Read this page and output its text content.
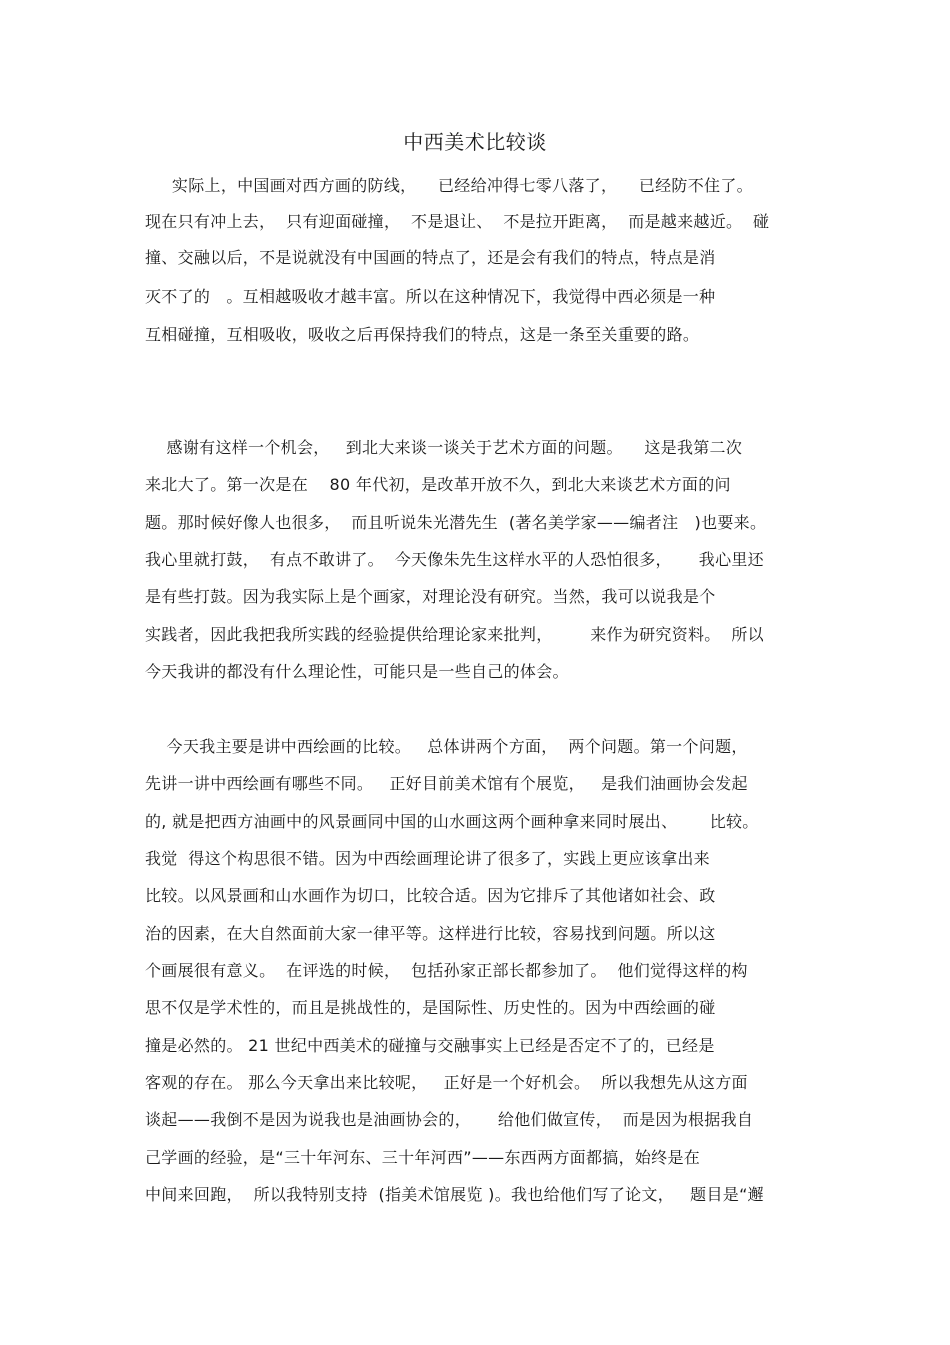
中西美术比较谈
实际上，中国画对西方画的防线，    已经给冲得七零八落了，    已经防不住了。
现在只有冲上去，  只有迎面碰撞，  不是退让、  不是拉开距离，  而是越来越近。  碰
撞、交融以后，不是说就没有中国画的特点了，还是会有我们的特点，特点是消
灭不了的   。互相越吸收才越丰富。所以在这种情况下，我觉得中西必须是一种
互相碰撞，互相吸收，吸收之后再保持我们的特点，这是一条至关重要的路。
感谢有这样一个机会，   到北大来谈一谈关于艺术方面的问题。    这是我第二次
来北大了。第一次是在    80 年代初，是改革开放不久，到北大来谈艺术方面的问
题。那时候好像人也很多，  而且听说朱光潜先生  (著名美学家——编者注   )也要来。
我心里就打鼓，  有点不敢讲了。  今天像朱先生这样水平的人恐怕很多，     我心里还
是有些打鼓。因为我实际上是个画家，对理论没有研究。当然，我可以说我是个
实践者，因此我把我所实践的经验提供给理论家来批判，       来作为研究资料。  所以
今天我讲的都没有什么理论性，可能只是一些自己的体会。
今天我主要是讲中西绘画的比较。   总体讲两个方面，  两个问题。第一个问题，
先讲一讲中西绘画有哪些不同。   正好目前美术馆有个展览，   是我们油画协会发起
的, 就是把西方油画中的风景画同中国的山水画这两个画种拿来同时展出、      比较。
我觉  得这个构思很不错。因为中西绘画理论讲了很多了，实践上更应该拿出来
比较。以风景画和山水画作为切口，比较合适。因为它排斥了其他诸如社会、政
治的因素，在大自然面前大家一律平等。这样进行比较，容易找到问题。所以这
个画展很有意义。  在评选的时候，  包括孙家正部长都参加了。  他们觉得这样的构
思不仅是学术性的，而且是挑战性的，是国际性、历史性的。因为中西绘画的碰
撞是必然的。 21 世纪中西美术的碰撞与交融事实上已经是否定不了的，已经是
客观的存在。 那么今天拿出来比较呢，   正好是一个好机会。  所以我想先从这方面
谈起——我倒不是因为说我也是油画协会的，     给他们做宣传，  而是因为根据我自
己学画的经验，是“三十年河东、三十年河西”——东西两方面都搞，始终是在
中间来回跑，  所以我特别支持  (指美术馆展览 )。我也给他们写了论文，   题目是“邂
